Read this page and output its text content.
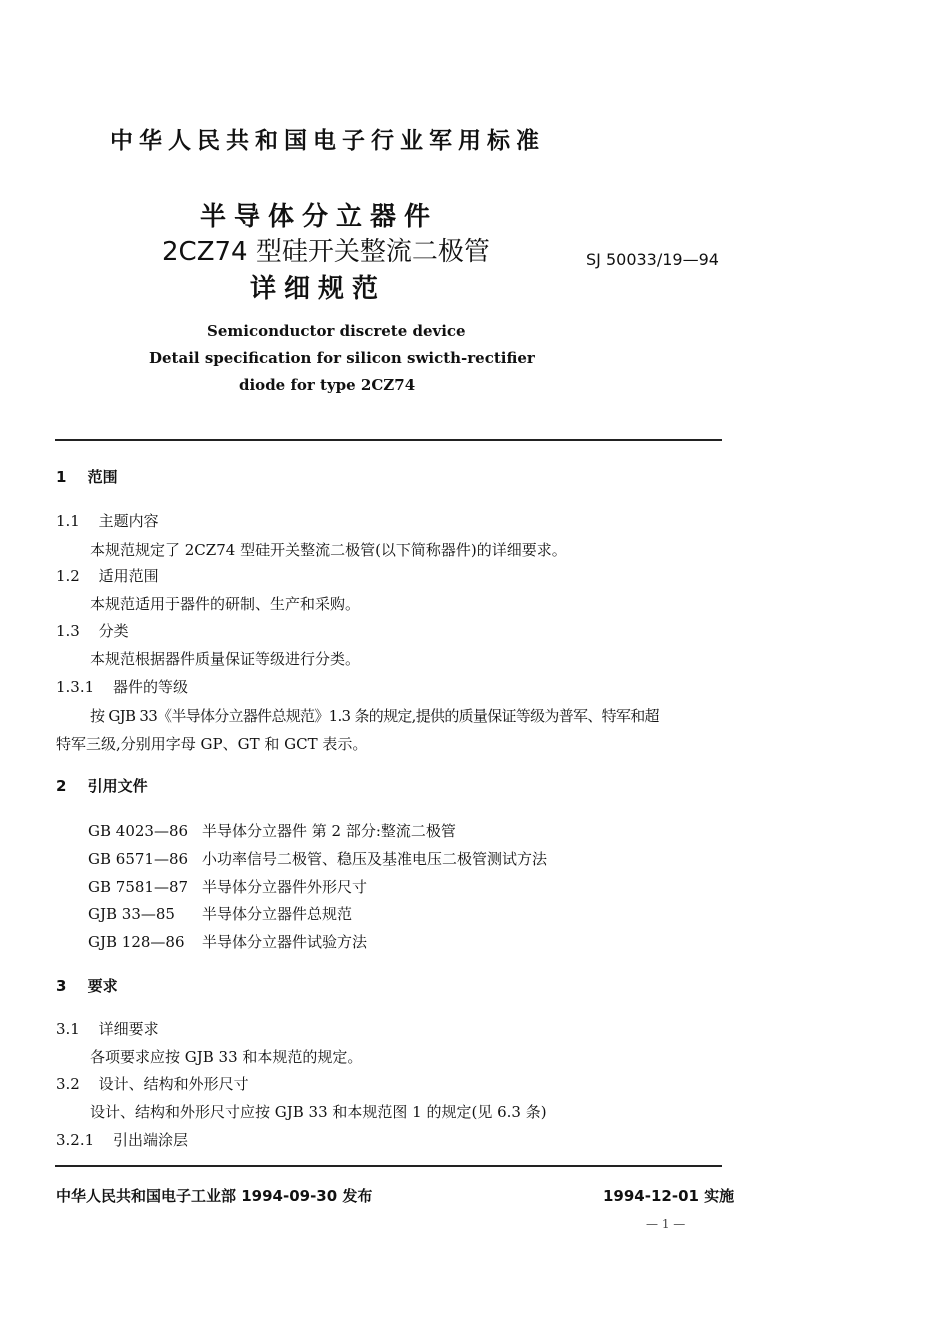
中华人民共和国电子行业军用标准
半导体分立器件
2CZ74 型硅开关整流二极管
详细规范
SJ 50033/19—94
Semiconductor discrete device
Detail specification for silicon swicth-rectifier
diode for type 2CZ74
1 范围
1.1 主题内容
本规范规定了 2CZ74 型硅开关整流二极管(以下简称器件)的详细要求。
1.2 适用范围
本规范适用于器件的研制、生产和采购。
1.3 分类
本规范根据器件质量保证等级进行分类。
1.3.1 器件的等级
按 GJB 33《半导体分立器件总规范》1.3 条的规定,提供的质量保证等级为普军、特军和超
特军三级,分别用字母 GP、GT 和 GCT 表示。
2 引用文件
GB 4023—86 半导体分立器件 第 2 部分:整流二极管
GB 6571—86 小功率信号二极管、稳压及基准电压二极管测试方法
GB 7581—87 半导体分立器件外形尺寸
GJB 33—85 半导体分立器件总规范
GJB 128—86 半导体分立器件试验方法
3 要求
3.1 详细要求
各项要求应按 GJB 33 和本规范的规定。
3.2 设计、结构和外形尺寸
设计、结构和外形尺寸应按 GJB 33 和本规范图 1 的规定(见 6.3 条)
3.2.1 引出端涂层
中华人民共和国电子工业部 1994-09-30 发布	1994-12-01 实施
— 1 —
